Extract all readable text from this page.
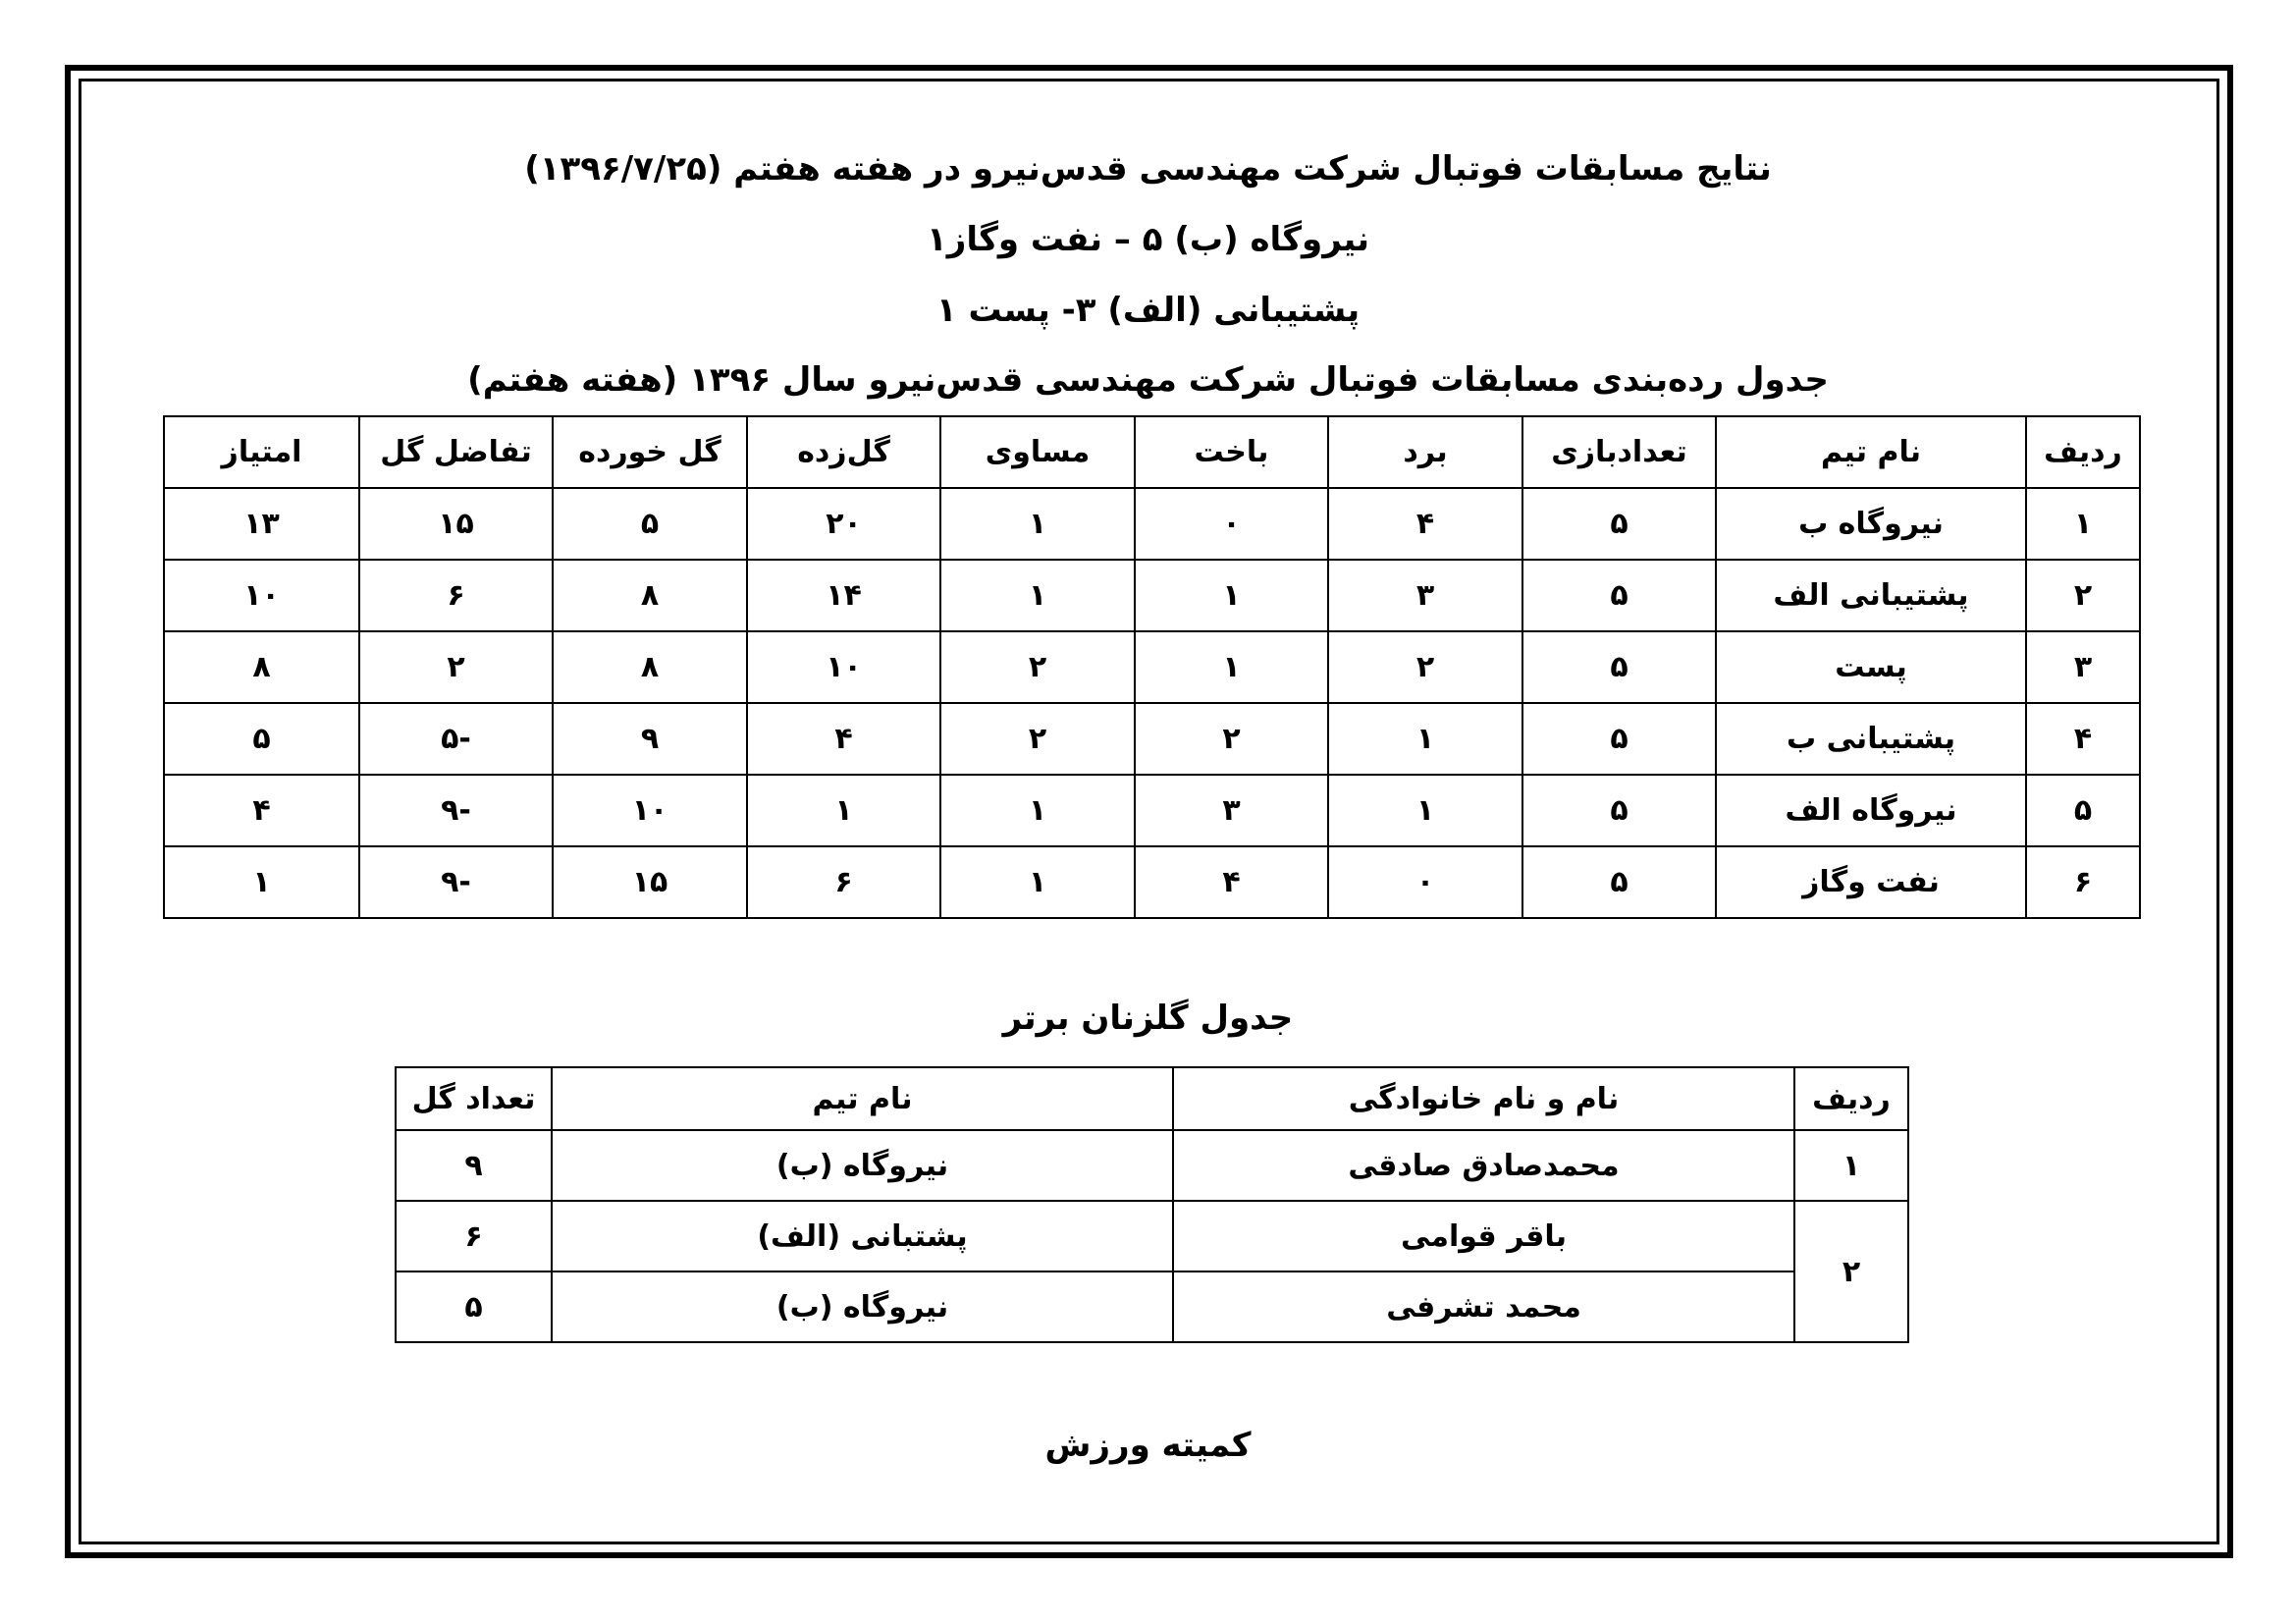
نتایج مسابقات فوتبال شرکت مهندسی قدس‌نیرو در هفته هفتم (۱۳۹۶/۷/۲۵)
نیروگاه (ب) ۵ – نفت وگاز۱
پشتیبانی (الف) ۳- پست ۱
جدول رده‌بندی مسابقات فوتبال شرکت مهندسی قدس‌نیرو سال ۱۳۹۶ (هفته هفتم)
ردیف	نام تیم	تعدادبازی	برد	باخت	مساوی	گل‌زده	گل خورده	تفاضل گل	امتیاز
۱	نیروگاه ب	۵	۴	۰	۱	۲۰	۵	۱۵	۱۳
۲	پشتیبانی الف	۵	۳	۱	۱	۱۴	۸	۶	۱۰
۳	پست	۵	۲	۱	۲	۱۰	۸	۲	۸
۴	پشتیبانی ب	۵	۱	۲	۲	۴	۹	-۵	۵
۵	نیروگاه الف	۵	۱	۳	۱	۱	۱۰	-۹	۴
۶	نفت وگاز	۵	۰	۴	۱	۶	۱۵	-۹	۱
جدول گلزنان برتر
ردیف	نام و نام خانوادگی	نام تیم	تعداد گل
۱	محمدصادق صادقی	نیروگاه (ب)	۹
۲	باقر قوامی	پشتبانی (الف)	۶
	محمد تشرفی	نیروگاه (ب)	۵
کمیته ورزش
